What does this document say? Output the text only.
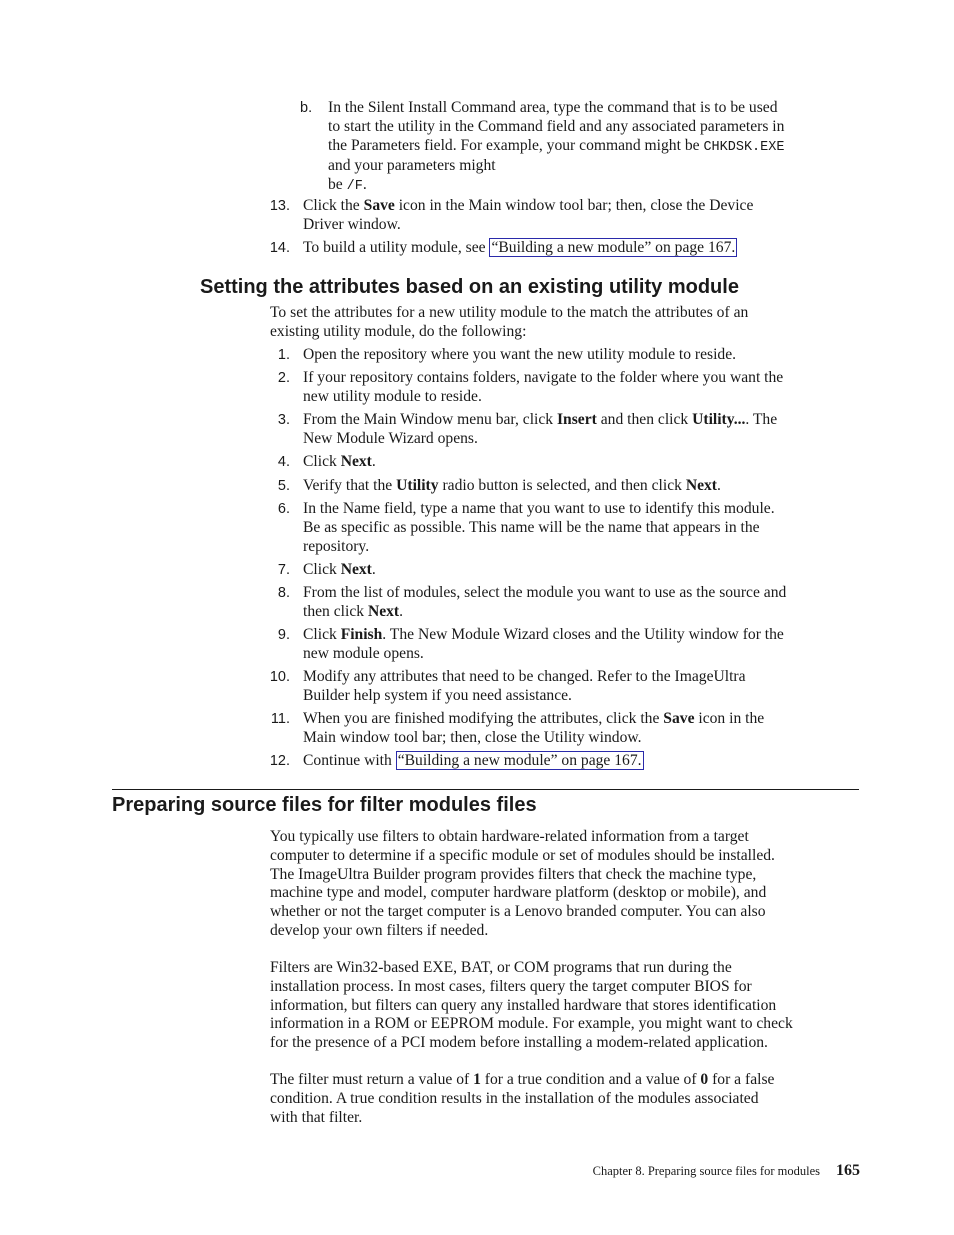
b.	In the Silent Install Command area, type the command that is to be used
to start the utility in the Command field and any associated parameters in
the Parameters field. For example, your command might be CHKDSK.EXE
and your parameters might
be /F.
13. Click the Save icon in the Main window tool bar; then, close the Device
Driver window.
14. To build a utility module, see “Building a new module” on page 167.
Setting the attributes based on an existing utility module
To set the attributes for a new utility module to the match the attributes of an
existing utility module, do the following:
1. Open the repository where you want the new utility module to reside.
2. If your repository contains folders, navigate to the folder where you want the
new utility module to reside.
3. From the Main Window menu bar, click Insert and then click Utility.... The
New Module Wizard opens.
4. Click Next.
5. Verify that the Utility radio button is selected, and then click Next.
6. In the Name field, type a name that you want to use to identify this module.
Be as specific as possible. This name will be the name that appears in the
repository.
7. Click Next.
8. From the list of modules, select the module you want to use as the source and
then click Next.
9. Click Finish. The New Module Wizard closes and the Utility window for the
new module opens.
10. Modify any attributes that need to be changed. Refer to the ImageUltra
Builder help system if you need assistance.
11. When you are finished modifying the attributes, click the Save icon in the
Main window tool bar; then, close the Utility window.
12. Continue with “Building a new module” on page 167.
Preparing source files for filter modules files
You typically use filters to obtain hardware-related information from a target
computer to determine if a specific module or set of modules should be installed.
The ImageUltra Builder program provides filters that check the machine type,
machine type and model, computer hardware platform (desktop or mobile), and
whether or not the target computer is a Lenovo branded computer. You can also
develop your own filters if needed.
Filters are Win32-based EXE, BAT, or COM programs that run during the
installation process. In most cases, filters query the target computer BIOS for
information, but filters can query any installed hardware that stores identification
information in a ROM or EEPROM module. For example, you might want to check
for the presence of a PCI modem before installing a modem-related application.
The filter must return a value of 1 for a true condition and a value of 0 for a false
condition. A true condition results in the installation of the modules associated
with that filter.
Chapter 8. Preparing source files for modules 165
